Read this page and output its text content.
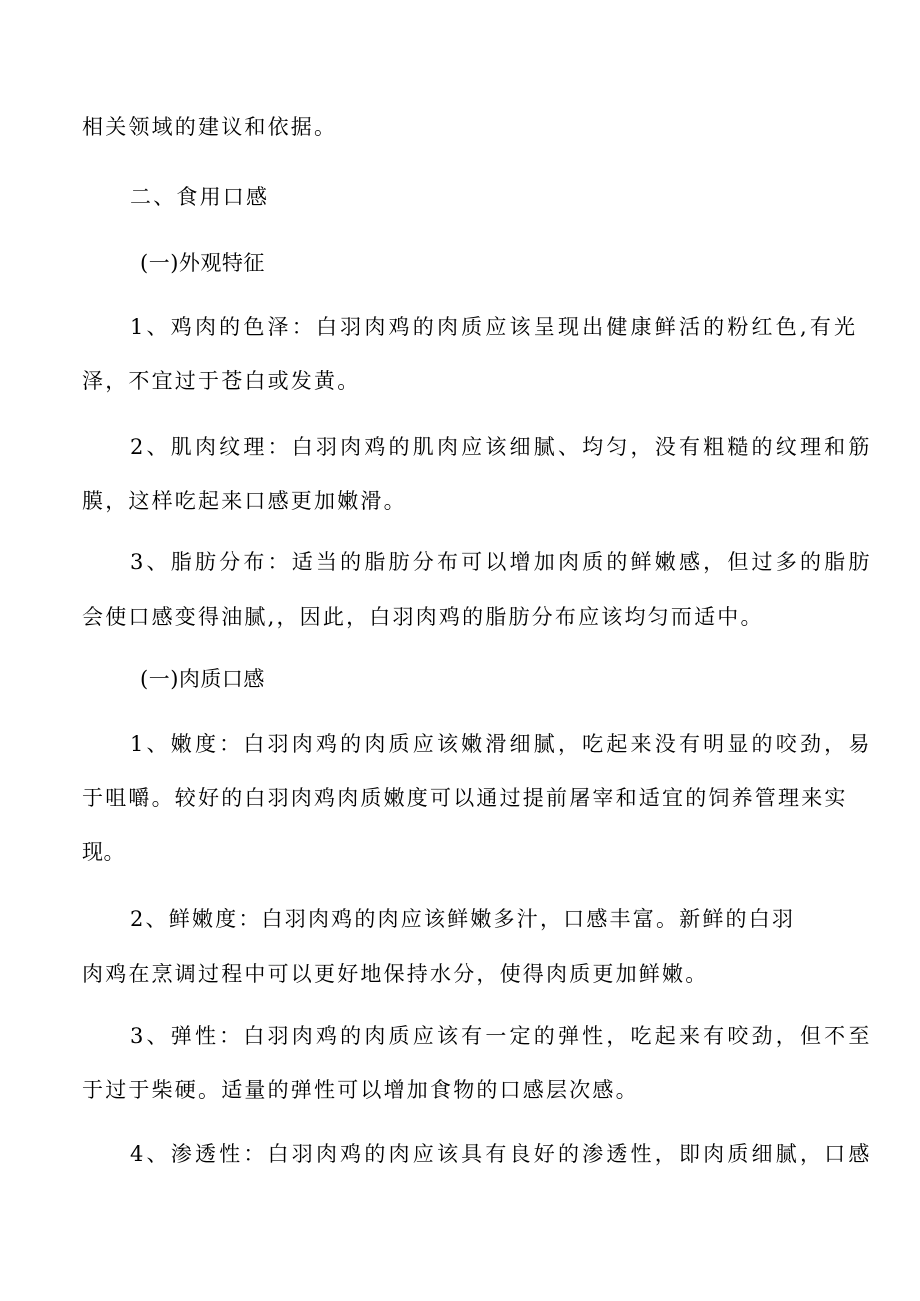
相关领域的建议和依据。
二、食用口感
(一)外观特征
1、鸡肉的色泽：白羽肉鸡的肉质应该呈现出健康鲜活的粉红色,有光
泽，不宜过于苍白或发黄。
2、肌肉纹理：白羽肉鸡的肌肉应该细腻、均匀，没有粗糙的纹理和筋
膜，这样吃起来口感更加嫩滑。
3、脂肪分布：适当的脂肪分布可以增加肉质的鲜嫩感，但过多的脂肪
会使口感变得油腻,，因此，白羽肉鸡的脂肪分布应该均匀而适中。
(一)肉质口感
1、嫩度：白羽肉鸡的肉质应该嫩滑细腻，吃起来没有明显的咬劲，易
于咀嚼。较好的白羽肉鸡肉质嫩度可以通过提前屠宰和适宜的饲养管理来实
现。
2、鲜嫩度：白羽肉鸡的肉应该鲜嫩多汁，口感丰富。新鲜的白羽
肉鸡在烹调过程中可以更好地保持水分，使得肉质更加鲜嫩。
3、弹性：白羽肉鸡的肉质应该有一定的弹性，吃起来有咬劲，但不至
于过于柴硬。适量的弹性可以增加食物的口感层次感。
4、渗透性：白羽肉鸡的肉应该具有良好的渗透性，即肉质细腻，口感
